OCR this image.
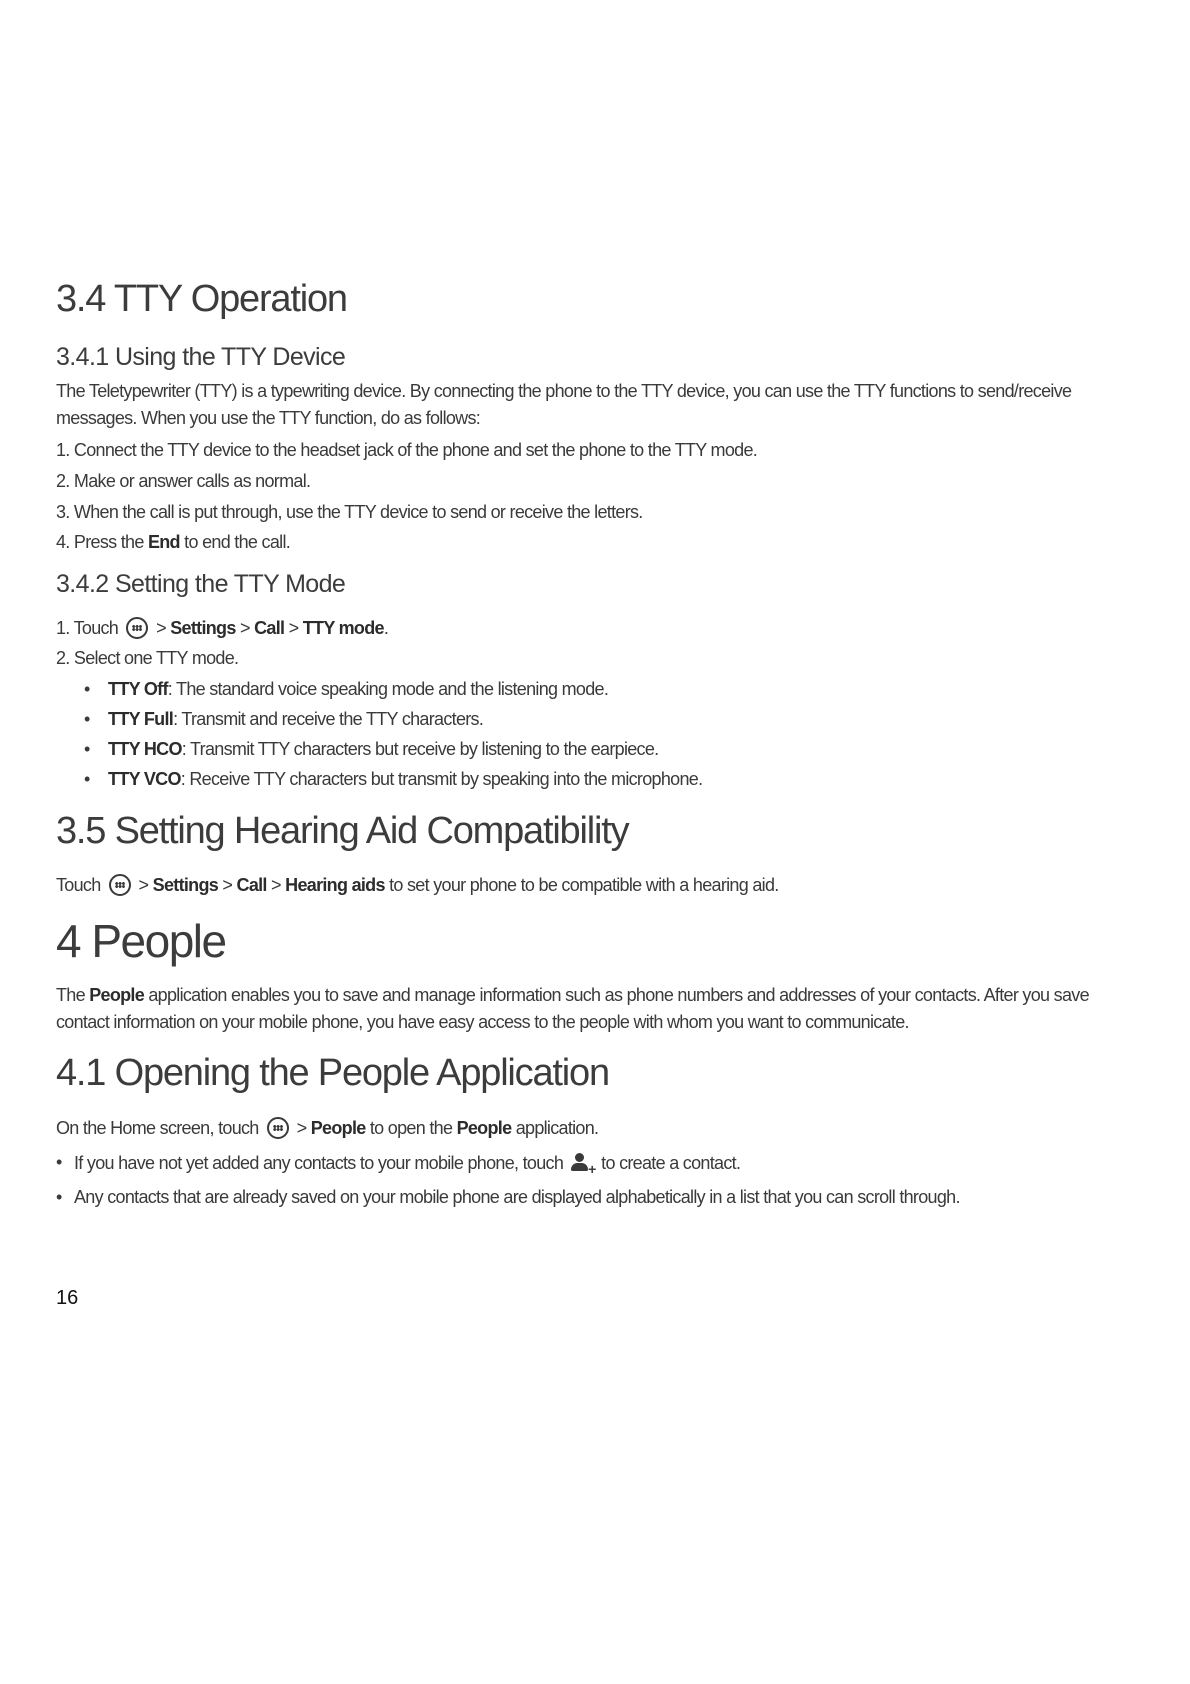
3.4 TTY Operation
3.4.1 Using the TTY Device
The Teletypewriter (TTY) is a typewriting device. By connecting the phone to the TTY device, you can use the TTY functions to send/receive messages. When you use the TTY function, do as follows:
1. Connect the TTY device to the headset jack of the phone and set the phone to the TTY mode.
2. Make or answer calls as normal.
3. When the call is put through, use the TTY device to send or receive the letters.
4. Press the End to end the call.
3.4.2 Setting the TTY Mode
1. Touch > Settings > Call > TTY mode.
2. Select one TTY mode.
• TTY Off: The standard voice speaking mode and the listening mode.
• TTY Full: Transmit and receive the TTY characters.
• TTY HCO: Transmit TTY characters but receive by listening to the earpiece.
• TTY VCO: Receive TTY characters but transmit by speaking into the microphone.
3.5 Setting Hearing Aid Compatibility
Touch > Settings > Call > Hearing aids to set your phone to be compatible with a hearing aid.
4 People
The People application enables you to save and manage information such as phone numbers and addresses of your contacts. After you save contact information on your mobile phone, you have easy access to the people with whom you want to communicate.
4.1 Opening the People Application
On the Home screen, touch > People to open the People application.
• If you have not yet added any contacts to your mobile phone, touch + to create a contact.
• Any contacts that are already saved on your mobile phone are displayed alphabetically in a list that you can scroll through.
16
